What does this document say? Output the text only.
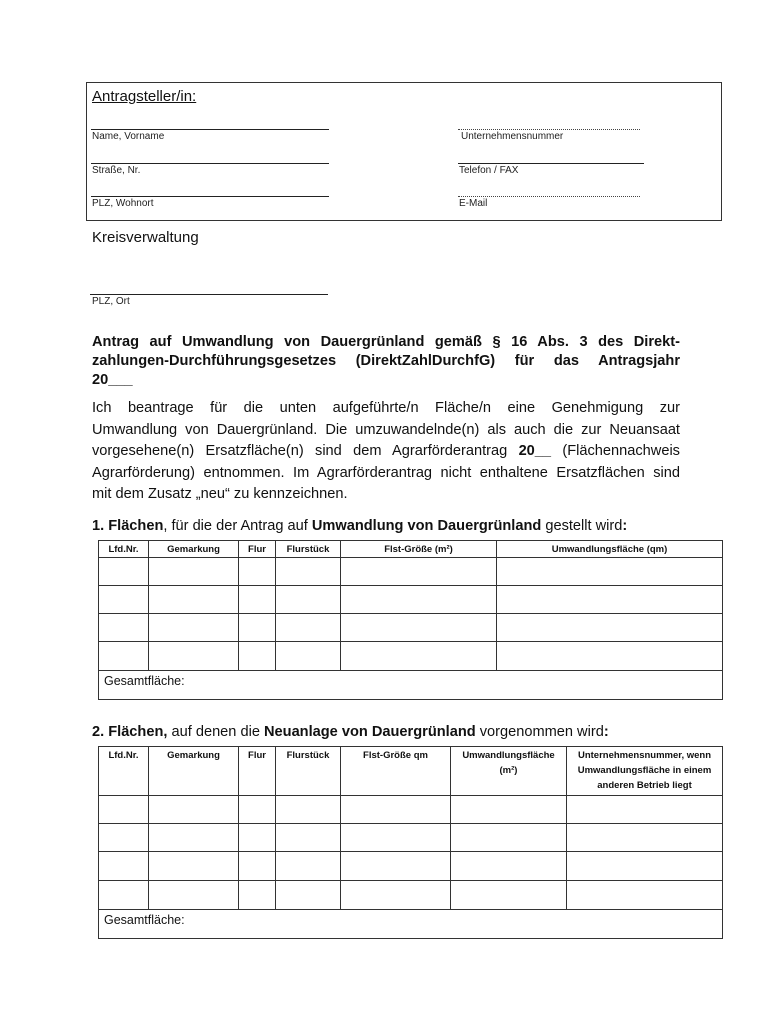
Antragsteller/in:
Name, Vorname	Unternehmensnummer
Straße, Nr.	Telefon / FAX
PLZ, Wohnort	E-Mail
Kreisverwaltung
PLZ, Ort
Antrag auf Umwandlung von Dauergrünland gemäß § 16 Abs. 3 des Direkt-
zahlungen-Durchführungsgesetzes (DirektZahlDurchfG) für das Antragsjahr
20___
Ich beantrage für die unten aufgeführte/n Fläche/n eine Genehmigung zur
Umwandlung von Dauergrünland. Die umzuwandelnde(n) als auch die zur Neuansaat
vorgesehene(n) Ersatzfläche(n) sind dem Agrarförderantrag 20__ (Flächennachweis
Agrarförderung) entnommen. Im Agrarförderantrag nicht enthaltene Ersatzflächen sind
mit dem Zusatz „neu“ zu kennzeichnen.
1. Flächen, für die der Antrag auf Umwandlung von Dauergrünland gestellt wird:
Lfd.Nr.	Gemarkung	Flur	Flurstück	Flst-Größe (m²)	Umwandlungsfläche (qm)

Gesamtfläche:					
2. Flächen, auf denen die Neuanlage von Dauergrünland vorgenommen wird:
Lfd.Nr.	Gemarkung	Flur	Flurstück	Flst-Größe qm	Umwandlungsfläche
(m²)	Unternehmensnummer, wenn
Umwandlungsfläche in einem
anderen Betrieb liegt

Gesamtfläche:						
